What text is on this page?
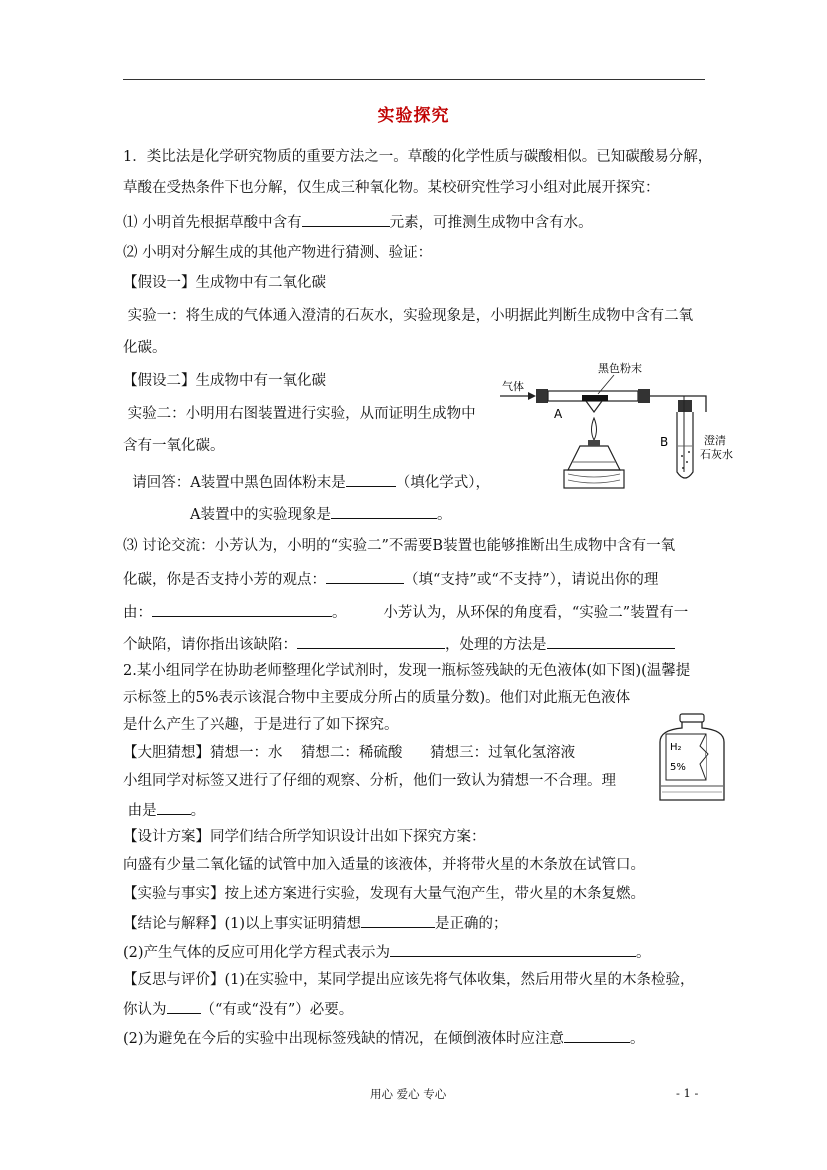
实验探究
1．类比法是化学研究物质的重要方法之一。草酸的化学性质与碳酸相似。已知碳酸易分解，
草酸在受热条件下也分解，仅生成三种氧化物。某校研究性学习小组对此展开探究：
⑴ 小明首先根据草酸中含有	元素，可推测生成物中含有水。
⑵ 小明对分解生成的其他产物进行猜测、验证：
【假设一】生成物中有二氧化碳
实验一：将生成的气体通入澄清的石灰水，实验现象是，小明据此判断生成物中含有二氧
化碳。
【假设二】生成物中有一氧化碳
实验二：小明用右图装置进行实验，从而证明生成物中
含有一氧化碳。
请回答：A装置中黑色固体粉末是	（填化学式），
A装置中的实验现象是	。
⑶ 讨论交流：小芳认为，小明的“实验二”不需要B装置也能够推断出生成物中含有一氧
化碳，你是否支持小芳的观点：	（填“支持”或“不支持”），请说出你的理
由：	。        小芳认为，从环保的角度看，“实验二”装置有一
个缺陷，请你指出该缺陷：	，处理的方法是
气体
黑色粉末
A
B	澄清
石灰水
2.某小组同学在协助老师整理化学试剂时，发现一瓶标签残缺的无色液体(如下图)(温馨提
示标签上的5%表示该混合物中主要成分所占的质量分数)。他们对此瓶无色液体
是什么产生了兴趣，于是进行了如下探究。
【大胆猜想】猜想一：水    猜想二：稀硫酸      猜想三：过氧化氢溶液
小组同学对标签又进行了仔细的观察、分析，他们一致认为猜想一不合理。理
由是 。
【设计方案】同学们结合所学知识设计出如下探究方案：
向盛有少量二氧化锰的试管中加入适量的该液体，并将带火星的木条放在试管口。
【实验与事实】按上述方案进行实验，发现有大量气泡产生，带火星的木条复燃。
【结论与解释】(1)以上事实证明猜想	是正确的；
(2)产生气体的反应可用化学方程式表示为	。
【反思与评价】(1)在实验中，某同学提出应该先将气体收集，然后用带火星的木条检验，
你认为 （“有或“没有”）必要。
(2)为避免在今后的实验中出现标签残缺的情况，在倾倒液体时应注意	。
H₂
5%
用心 爱心 专心	- 1 -
